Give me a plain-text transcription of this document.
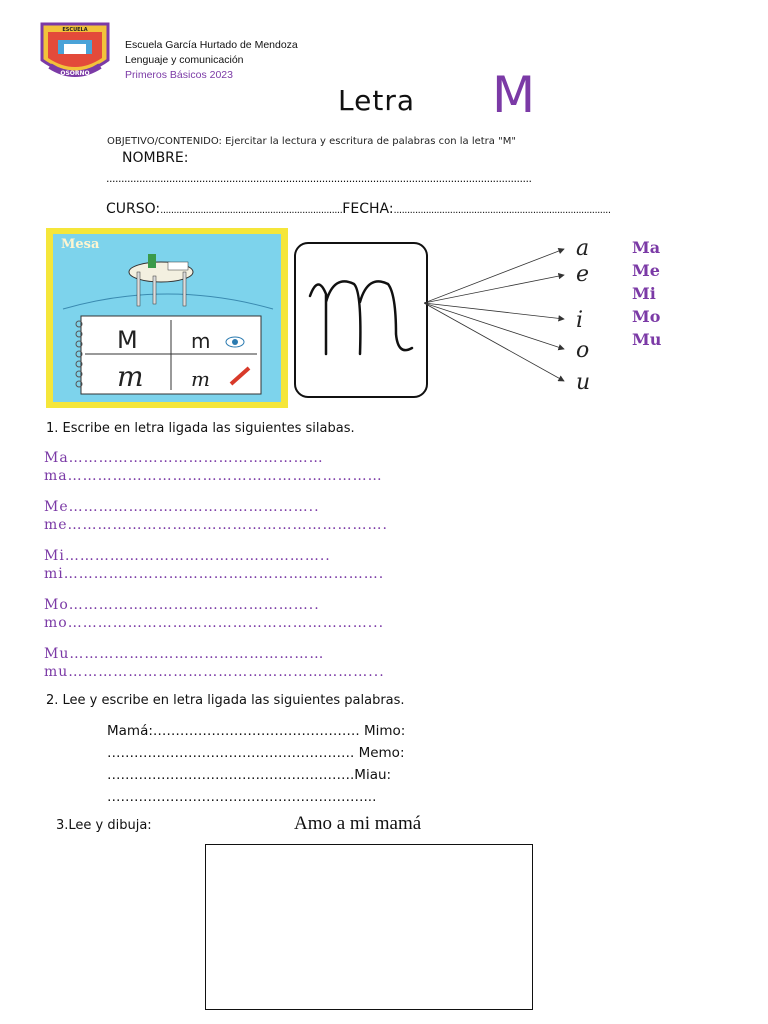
ESCUELA
OSORNO
Escuela García Hurtado de Mendoza
Lenguaje y comunicación
Primeros Básicos 2023
Letra M
OBJETIVO/CONTENIDO: Ejercitar la lectura y escritura de palabras con la letra "M"
NOMBRE:
..............................................................................................................................................
CURSO:....................................................................FECHA:.................................................................................
Mesa
M	m
m m
a
e
i
o
u
Ma
Me
Mi
Mo
Mu
1. Escribe en letra ligada las siguientes silabas.
Ma……………………………………………
ma………………………………………………………
Me…………………………………………..
me……………………………………………………….
Mi……………………………………………..
mi……………………………………………………….
Mo…………………………………………..
mo……………………………………………………...
Mu……………………………………………
mu……………………………………………………...
2. Lee y escribe en letra ligada las siguientes palabras.
Mamá:………………………………………. Mimo:
………………………………………………. Memo:
……………………………………………….Miau:
…………………………………………………...
3.Lee y dibuja:	Amo a mi mamá
